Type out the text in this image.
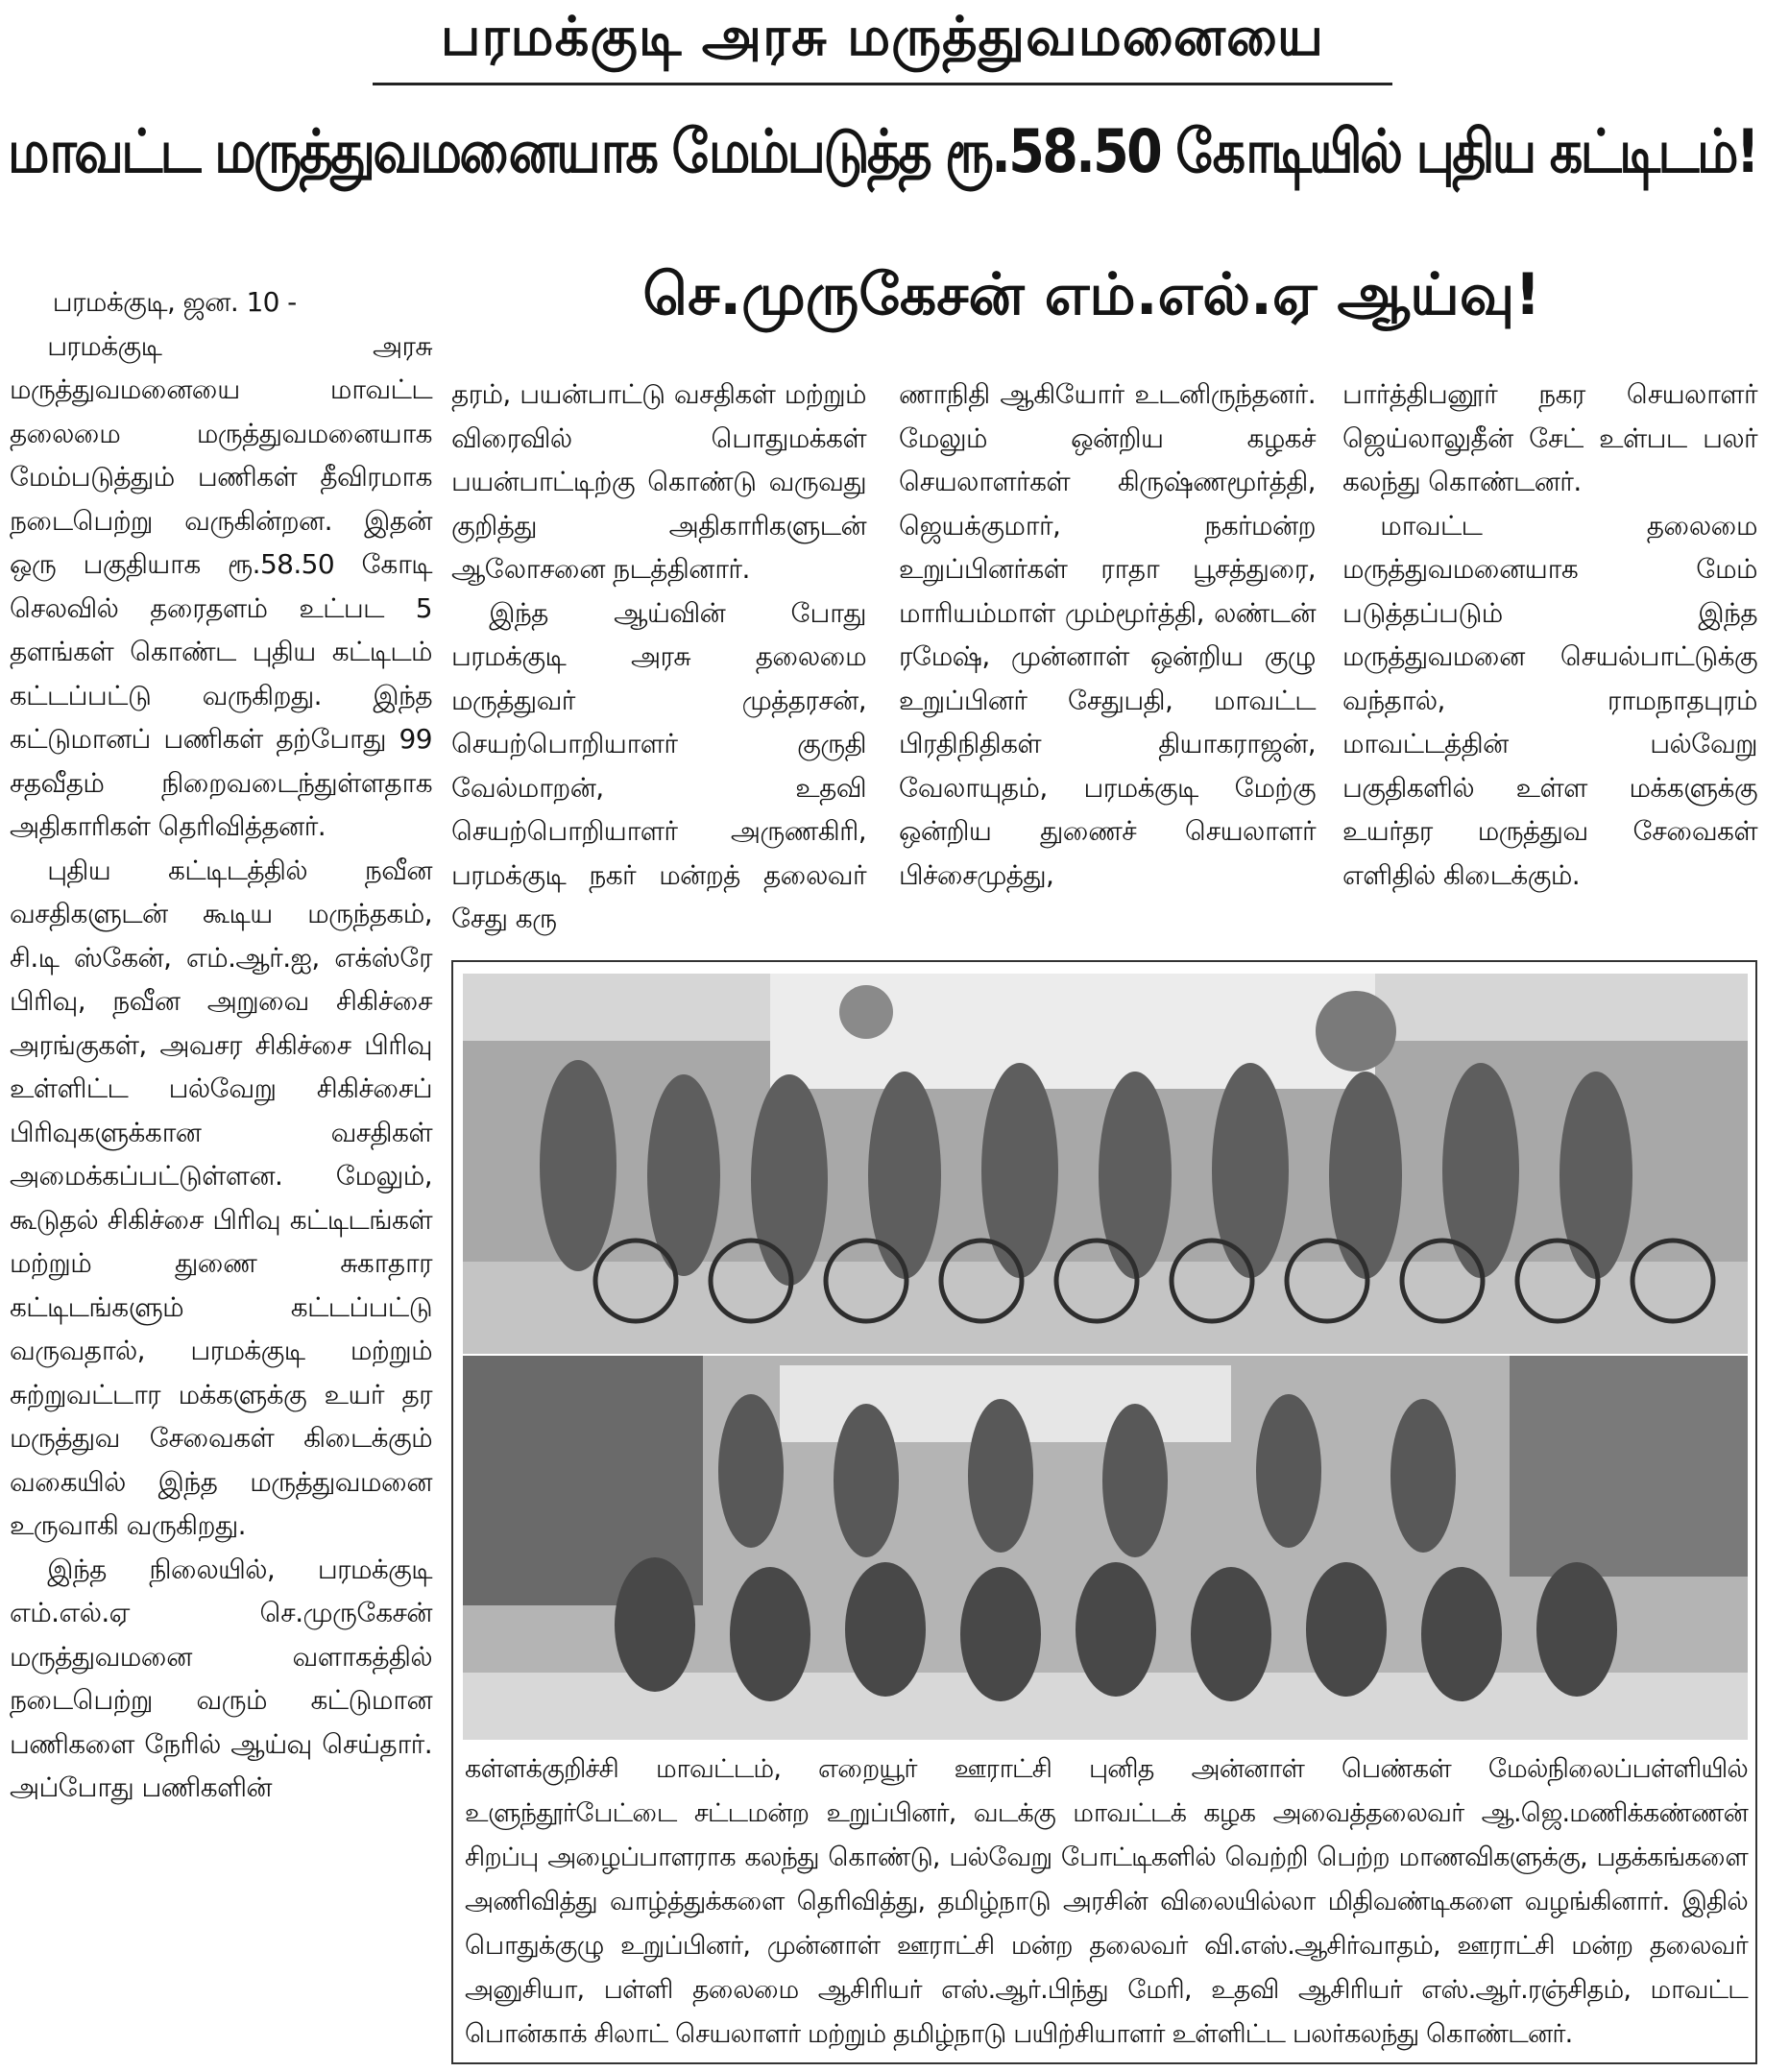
பரமக்குடி அரசு மருத்துவமனையை
மாவட்ட மருத்துவமனையாக மேம்படுத்த ரூ.58.50 கோடியில் புதிய கட்டிடம்!
செ.முருகேசன் எம்.எல்.ஏ ஆய்வு!

பரமக்குடி, ஜன. 10 -

பரமக்குடி அரசு மருத்துவமனையை மாவட்ட தலைமை மருத்துவமனையாக மேம்படுத்தும் பணிகள் தீவிரமாக நடைபெற்று வருகின்றன. இதன் ஒரு பகுதியாக ரூ.58.50 கோடி செலவில் தரைதளம் உட்பட 5 தளங்கள் கொண்ட புதிய கட்டிடம் கட்டப்பட்டு வருகிறது. இந்த கட்டுமானப் பணிகள் தற்போது 99 சதவீதம் நிறைவடைந்துள்ளதாக அதிகாரிகள் தெரிவித்தனர்.

புதிய கட்டிடத்தில் நவீன வசதிகளுடன் கூடிய மருந்தகம், சி.டி ஸ்கேன், எம்.ஆர்.ஐ, எக்ஸ்ரே பிரிவு, நவீன அறுவை சிகிச்சை அரங்குகள், அவசர சிகிச்சை பிரிவு உள்ளிட்ட பல்வேறு சிகிச்சைப் பிரிவுகளுக்கான வசதிகள் அமைக்கப்பட்டுள்ளன. மேலும், கூடுதல் சிகிச்சை பிரிவு கட்டிடங்கள் மற்றும் துணை சுகாதார கட்டிடங்களும் கட்டப்பட்டு வருவதால், பரமக்குடி மற்றும் சுற்றுவட்டார மக்களுக்கு உயர் தர மருத்துவ சேவைகள் கிடைக்கும் வகையில் இந்த மருத்துவமனை உருவாகி வருகிறது.

இந்த நிலையில், பரமக்குடி எம்.எல்.ஏ செ.முருகேசன் மருத்துவமனை வளாகத்தில் நடைபெற்று வரும் கட்டுமான பணிகளை நேரில் ஆய்வு செய்தார். அப்போது பணிகளின்

தரம், பயன்பாட்டு வசதிகள் மற்றும் விரைவில் பொதுமக்கள் பயன்பாட்டிற்கு கொண்டு வருவது குறித்து அதிகாரிகளுடன் ஆலோசனை நடத்தினார்.

இந்த ஆய்வின் போது பரமக்குடி அரசு தலைமை மருத்துவர் முத்தரசன், செயற்பொறியாளர் குருதி வேல்மாறன், உதவி செயற்பொறியாளர் அருணகிரி, பரமக்குடி நகர் மன்றத் தலைவர் சேது கரு

ணாநிதி ஆகியோர் உடனிருந்தனர். மேலும் ஒன்றிய கழகச் செயலாளர்கள் கிருஷ்ணமூர்த்தி, ஜெயக்குமார், நகர்மன்ற உறுப்பினர்கள் ராதா பூசத்துரை, மாரியம்மாள் மும்மூர்த்தி, லண்டன் ரமேஷ், முன்னாள் ஒன்றிய குழு உறுப்பினர் சேதுபதி, மாவட்ட பிரதிநிதிகள் தியாகராஜன், வேலாயுதம், பரமக்குடி மேற்கு ஒன்றிய துணைச் செயலாளர் பிச்சைமுத்து,

பார்த்திபனூர் நகர செயலாளர் ஜெய்லாலுதீன் சேட் உள்பட பலர் கலந்து கொண்டனர்.

மாவட்ட தலைமை மருத்துவமனையாக மேம் படுத்தப்படும் இந்த மருத்துவமனை செயல்பாட்டுக்கு வந்தால், ராமநாதபுரம் மாவட்டத்தின் பல்வேறு பகுதிகளில் உள்ள மக்களுக்கு உயர்தர மருத்துவ சேவைகள் எளிதில் கிடைக்கும்.

கள்ளக்குறிச்சி மாவட்டம், எறையூர் ஊராட்சி புனித அன்னாள் பெண்கள் மேல்நிலைப்பள்ளியில் உளுந்தூர்பேட்டை சட்டமன்ற உறுப்பினர், வடக்கு மாவட்டக் கழக அவைத்தலைவர் ஆ.ஜெ.மணிக்கண்ணன் சிறப்பு அழைப்பாளராக கலந்து கொண்டு, பல்வேறு போட்டிகளில் வெற்றி பெற்ற மாணவிகளுக்கு, பதக்கங்களை அணிவித்து வாழ்த்துக்களை தெரிவித்து, தமிழ்நாடு அரசின் விலையில்லா மிதிவண்டிகளை வழங்கினார். இதில் பொதுக்குழு உறுப்பினர், முன்னாள் ஊராட்சி மன்ற தலைவர் வி.எஸ்.ஆசிர்வாதம், ஊராட்சி மன்ற தலைவர் அனுசியா, பள்ளி தலைமை ஆசிரியர் எஸ்.ஆர்.பிந்து மேரி, உதவி ஆசிரியர் எஸ்.ஆர்.ரஞ்சிதம், மாவட்ட பொன்காக் சிலாட் செயலாளர் மற்றும் தமிழ்நாடு பயிற்சியாளர் உள்ளிட்ட பலர்கலந்து கொண்டனர்.
